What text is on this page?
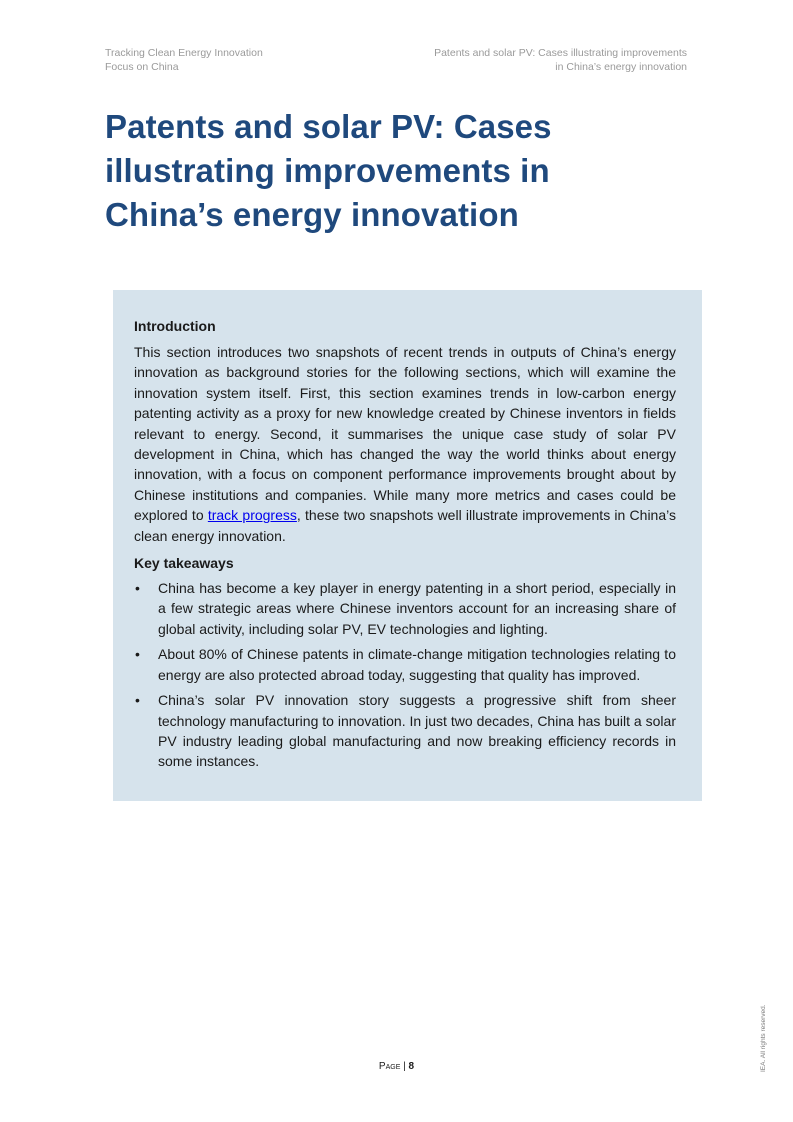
Tracking Clean Energy Innovation
Focus on China
Patents and solar PV: Cases illustrating improvements
in China’s energy innovation
Patents and solar PV: Cases illustrating improvements in China’s energy innovation
Introduction

This section introduces two snapshots of recent trends in outputs of China’s energy innovation as background stories for the following sections, which will examine the innovation system itself. First, this section examines trends in low-carbon energy patenting activity as a proxy for new knowledge created by Chinese inventors in fields relevant to energy. Second, it summarises the unique case study of solar PV development in China, which has changed the way the world thinks about energy innovation, with a focus on component performance improvements brought about by Chinese institutions and companies. While many more metrics and cases could be explored to track progress, these two snapshots well illustrate improvements in China’s clean energy innovation.

Key takeaways
• China has become a key player in energy patenting in a short period, especially in a few strategic areas where Chinese inventors account for an increasing share of global activity, including solar PV, EV technologies and lighting.
• About 80% of Chinese patents in climate-change mitigation technologies relating to energy are also protected abroad today, suggesting that quality has improved.
• China’s solar PV innovation story suggests a progressive shift from sheer technology manufacturing to innovation. In just two decades, China has built a solar PV industry leading global manufacturing and now breaking efficiency records in some instances.
Page | 8	IEA. All rights reserved.
